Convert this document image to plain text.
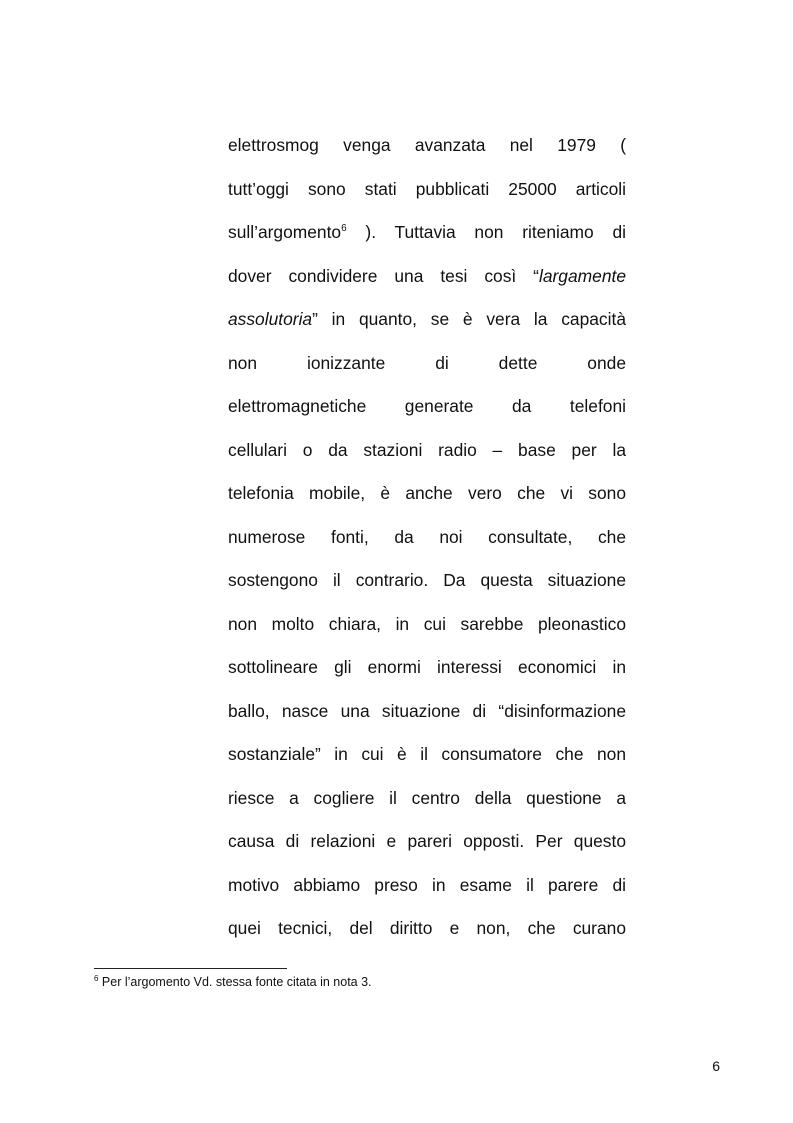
elettrosmog venga avanzata nel 1979 (
tutt’oggi sono stati pubblicati 25000 articoli
sull’argomento$^6$ ). Tuttavia non riteniamo di
dover condividere una tesi così “largamente
assolutoria” in quanto, se è vera la capacità
non ionizzante di dette onde
elettromagnetiche generate da telefoni
cellulari o da stazioni radio – base per la
telefonia mobile, è anche vero che vi sono
numerose fonti, da noi consultate, che
sostengono il contrario. Da questa situazione
non molto chiara, in cui sarebbe pleonastico
sottolineare gli enormi interessi economici in
ballo, nasce una situazione di “disinformazione
sostanziale” in cui è il consumatore che non
riesce a cogliere il centro della questione a
causa di relazioni e pareri opposti. Per questo
motivo abbiamo preso in esame il parere di
quei tecnici, del diritto e non, che curano
$^6$ Per l’argomento Vd. stessa fonte citata in nota 3.
6
